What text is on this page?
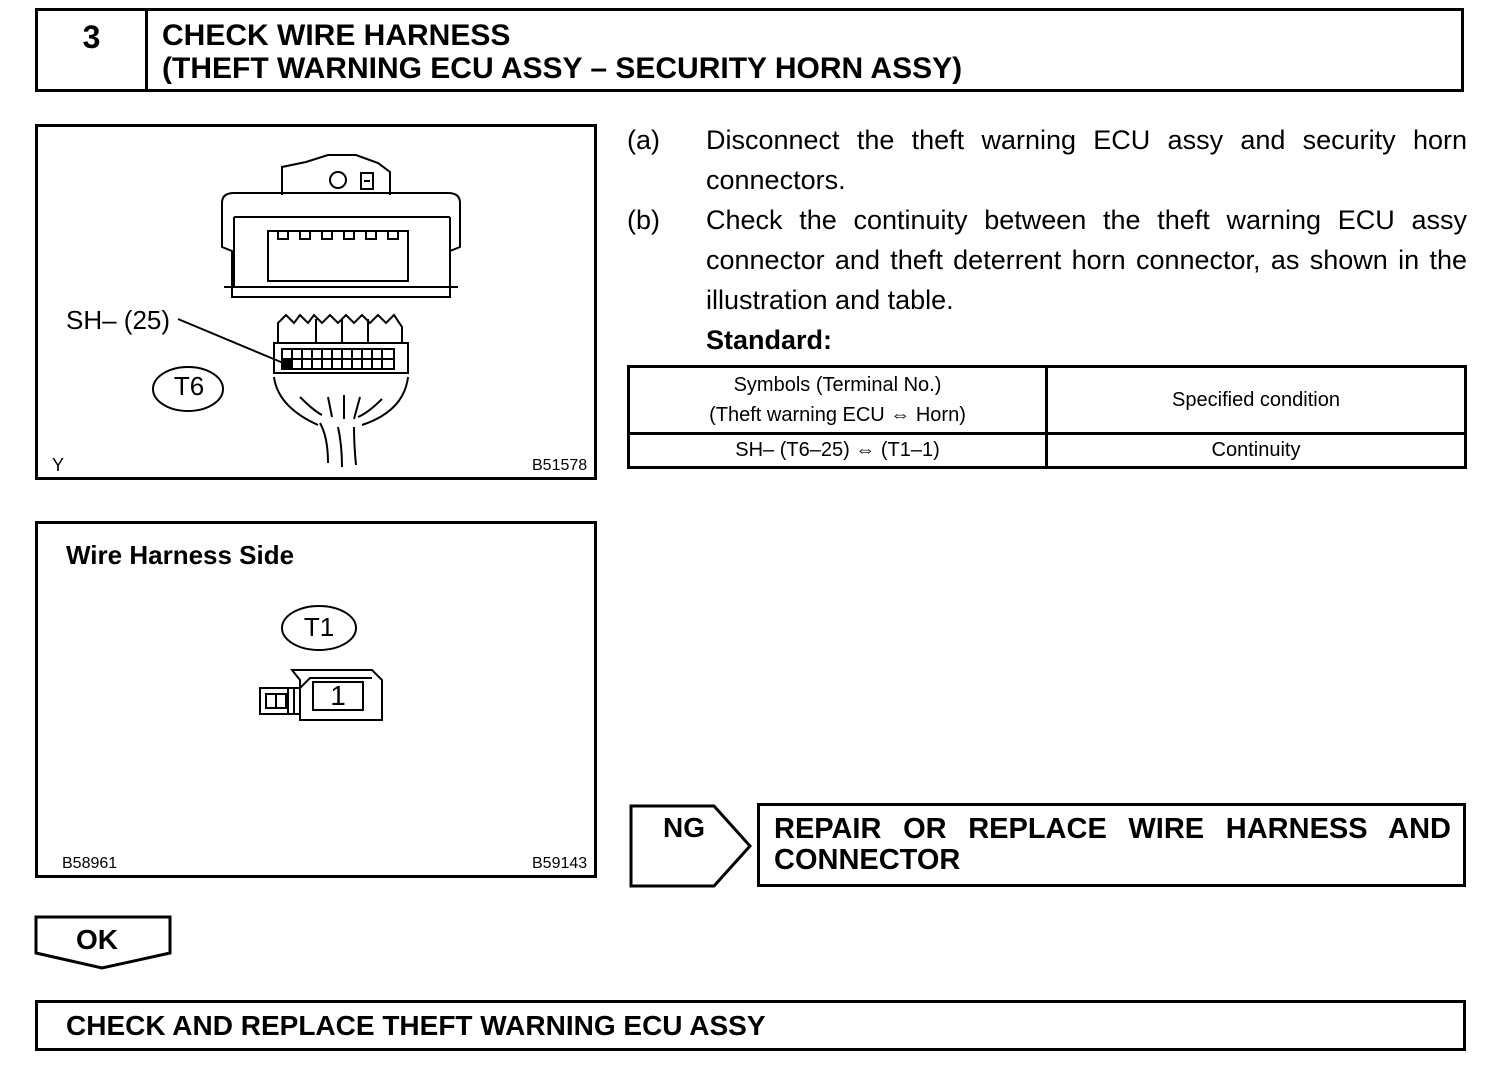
3	CHECK WIRE HARNESS
(THEFT WARNING ECU ASSY – SECURITY HORN ASSY)
SH– (25)
T6
Y	B51578
Wire Harness Side
T1
1
B58961	B59143
(a) Disconnect the theft warning ECU assy and security horn connectors.
(b) Check the continuity between the theft warning ECU assy connector and theft deterrent horn connector, as shown in the illustration and table.
Standard:
Symbols (Terminal No.)
(Theft warning ECU ⇔ Horn)	Specified condition
SH– (T6–25) ⇔ (T1–1)	Continuity
NG REPAIR OR REPLACE WIRE HARNESS AND
CONNECTOR
OK
CHECK AND REPLACE THEFT WARNING ECU ASSY
